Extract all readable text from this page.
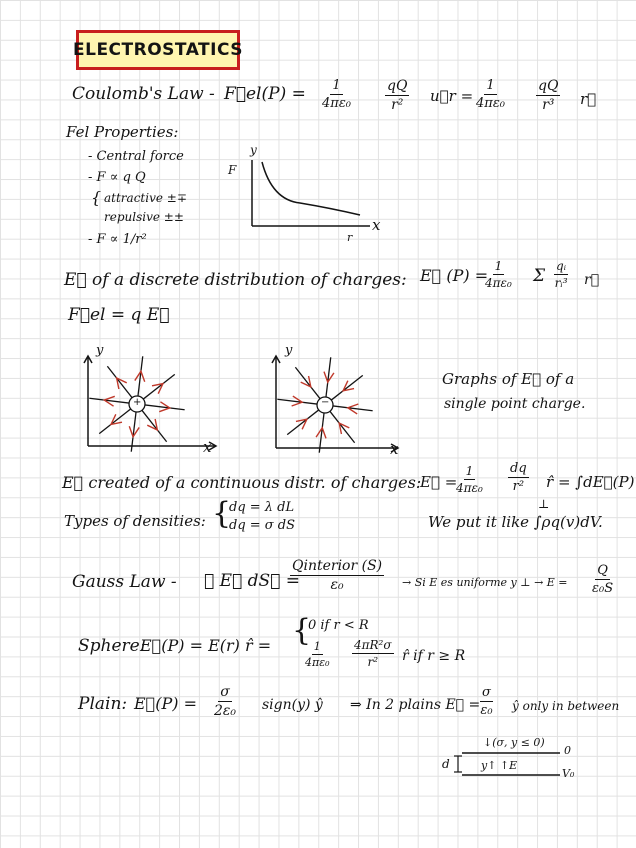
ELECTROSTATICS
Coulomb's Law - F⃗el(P) = $\frac{1}{\text{4πε₀}} \frac{qQ}{\text{r²}}$ u⃗r = $\frac{1}{\text{4πε₀}} \frac{qQ}{\text{r³}}$ r⃗
Fel Properties:
- Central force
- F ∝ q Q
{ attractive ±∓
repulsive ±±
- F ∝ 1/r²
y
F
x
r
E⃗ of a discrete distribution of charges: E⃗ (P) =
$\frac{1}{\text{4πε₀}}$ Σ $\frac{\text{qᵢ}}{\text{rᵢ³}}$ r⃗
F⃗el = q E⃗
y
x
+
y
x
−
Graphs of E⃗ of a
single point charge.
E⃗ created of a continuous distr. of charges:
E⃗ =
$\frac{1}{\text{4πε₀}} \frac{dq}{\text{r²}}$ r̂ = ∫dE⃗(P)
Types of densities: {
dq = λ dL
dq = σ dS	We put it like ∫ρq(v)dV.
⊥
Gauss Law - ∮ E⃗ dS⃗ =
Qinterior (S)
ε₀	→ Si E es uniforme y ⊥ → $E = \frac{Q}{\text{ε₀S}}$
Sphere:
E⃗(P) = E(r) r̂ = {
0 if r < R
$\frac{1}{\text{4πε₀}} \frac{\text{4πR²σ}}{\text{r²}}$ r̂ if r ≥ R
Plain: E⃗(P) = $\frac{\sigma}{\text{2ε₀}}$ sign(y) ŷ ⇒ In 2 plains E⃗ = $\frac{\sigma}{\text{ε₀}}$ ŷ only in between
↓(σ, y ≤ 0)
0
d	y↑ ↑E
V₀
